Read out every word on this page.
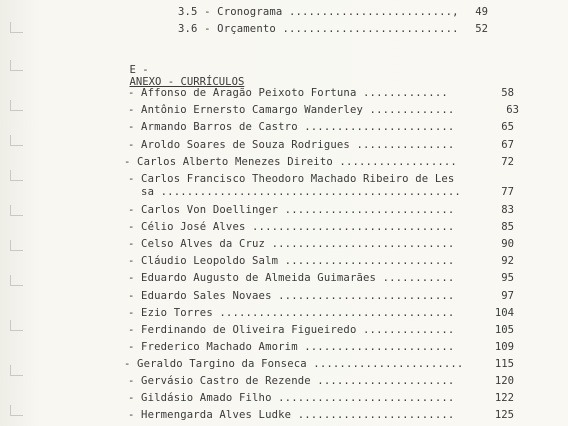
3.5 - Cronograma .........................,	49
3.6 - Orçamento ...........................	52

E -
ANEXO - CURRÍCULOS

- Affonso de Aragão Peixoto Fortuna .............	58
- Antônio Ernersto Camargo Wanderley .............	63
- Armando Barros de Castro .......................	65
- Aroldo Soares de Souza Rodrigues ...............	67
- Carlos Alberto Menezes Direito ..................	72
- Carlos Francisco Theodoro Machado Ribeiro de Les
sa ..............................................	77
- Carlos Von Doellinger ..........................	83
- Célio José Alves ...............................	85
- Celso Alves da Cruz ............................	90
- Cláudio Leopoldo Salm ..........................	92
- Eduardo Augusto de Almeida Guimarães ...........	95
- Eduardo Sales Novaes ...........................	97
- Ezio Torres ....................................	104
- Ferdinando de Oliveira Figueiredo ..............	105
- Frederico Machado Amorim .......................	109
- Geraldo Targino da Fonseca .......................	115
- Gervásio Castro de Rezende .....................	120
- Gildásio Amado Filho ...........................	122
- Hermengarda Alves Ludke ........................	125
